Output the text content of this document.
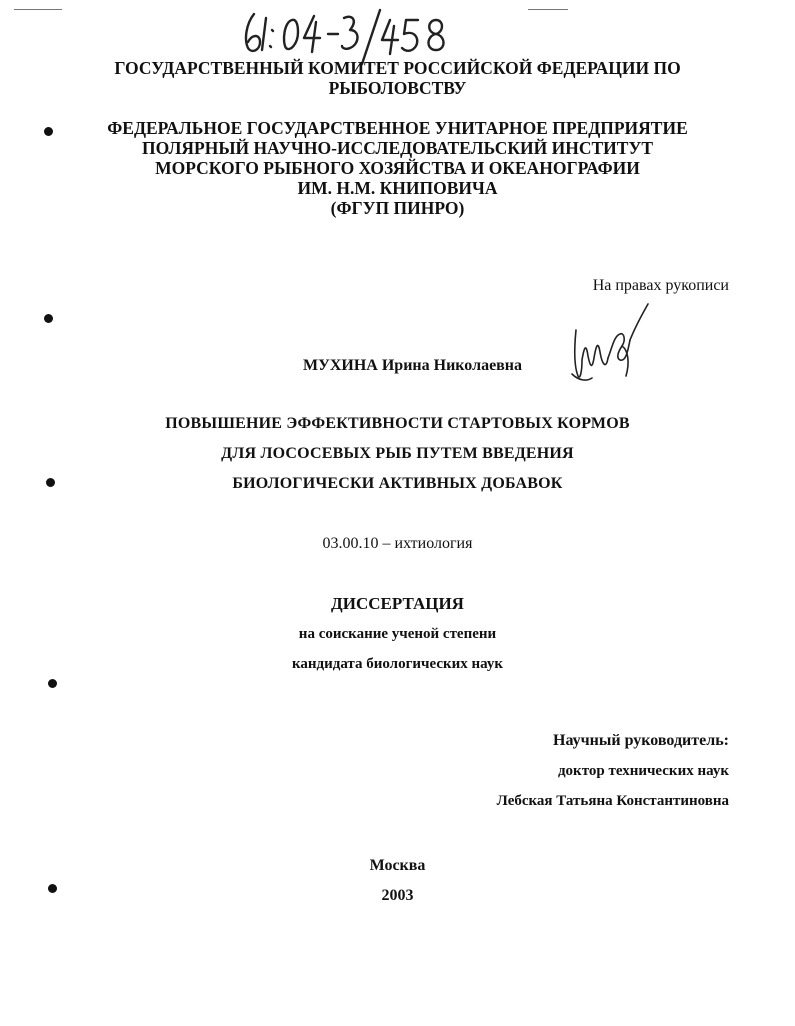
ГОСУДАРСТВЕННЫЙ КОМИТЕТ РОССИЙСКОЙ ФЕДЕРАЦИИ ПО
РЫБОЛОВСТВУ
ФЕДЕРАЛЬНОЕ ГОСУДАРСТВЕННОЕ УНИТАРНОЕ ПРЕДПРИЯТИЕ
ПОЛЯРНЫЙ НАУЧНО-ИССЛЕДОВАТЕЛЬСКИЙ ИНСТИТУТ
МОРСКОГО РЫБНОГО ХОЗЯЙСТВА И ОКЕАНОГРАФИИ
ИМ. Н.М. КНИПОВИЧА
(ФГУП ПИНРО)
На правах рукописи
МУХИНА Ирина Николаевна
ПОВЫШЕНИЕ ЭФФЕКТИВНОСТИ СТАРТОВЫХ КОРМОВ
ДЛЯ ЛОСОСЕВЫХ РЫБ ПУТЕМ ВВЕДЕНИЯ
БИОЛОГИЧЕСКИ АКТИВНЫХ ДОБАВОК
03.00.10 – ихтиология
ДИССЕРТАЦИЯ
на соискание ученой степени
кандидата биологических наук
Научный руководитель:
доктор технических наук
Лебская Татьяна Константиновна
Москва
2003
